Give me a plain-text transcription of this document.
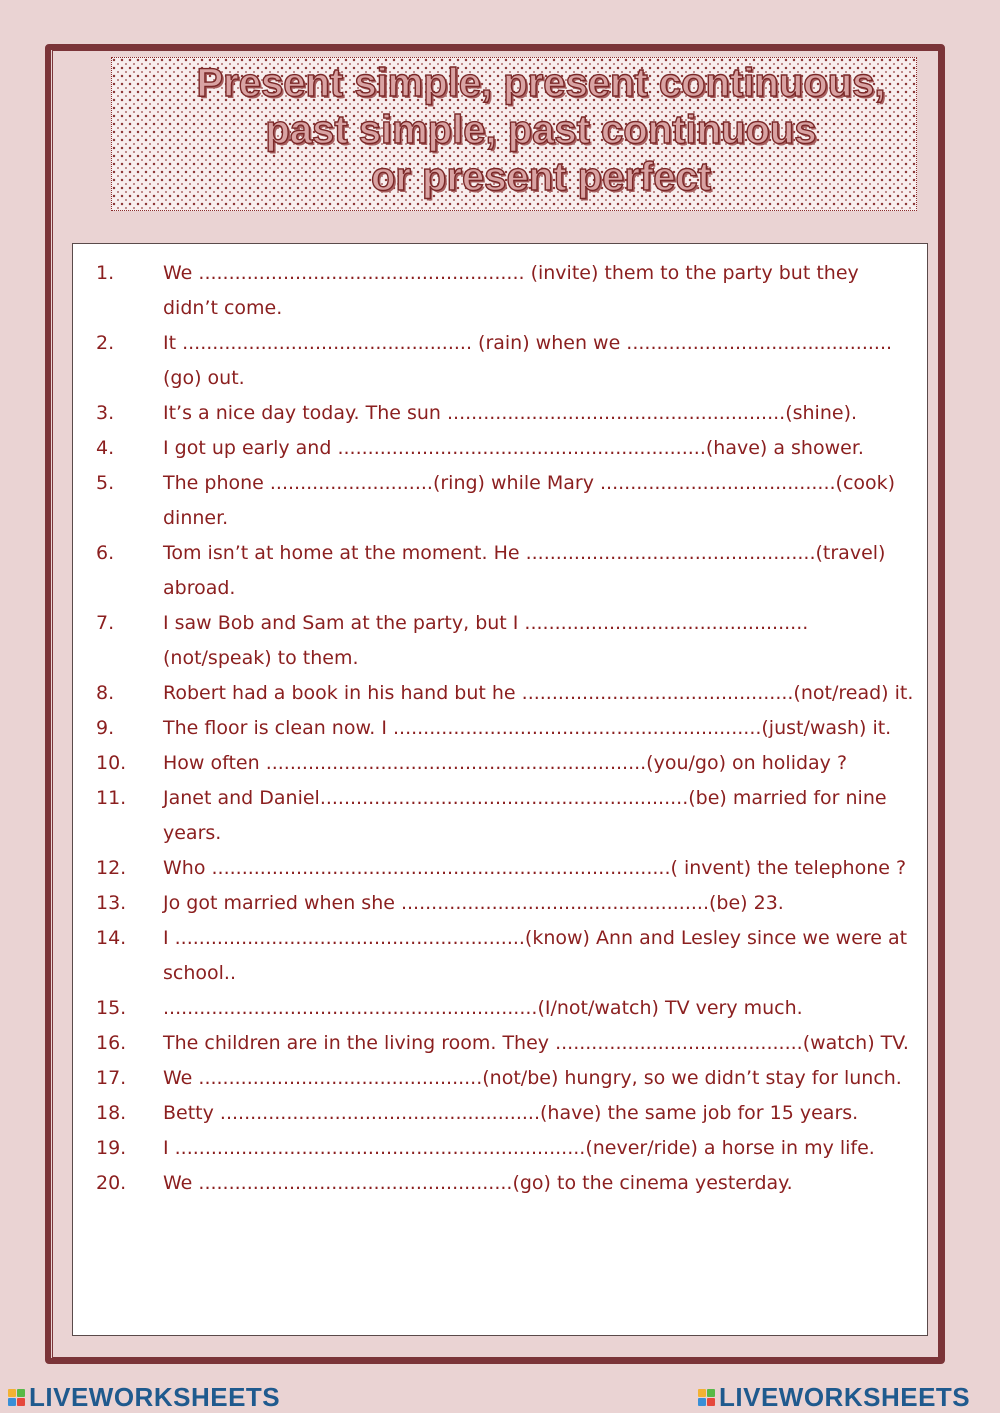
Present simple, present continuous,
past simple, past continuous
or present perfect
1.	We ...................................................... (invite) them to the party but they didn’t come.
2.	It ................................................ (rain) when we ............................................(go) out.
3.	It’s a nice day today. The sun ........................................................(shine).
4.	I got up early and .............................................................(have) a shower.
5.	The phone ...........................(ring) while Mary .......................................(cook) dinner.
6.	Tom isn’t at home at the moment. He ................................................(travel) abroad.
7.	I saw Bob and Sam at the party, but I ...............................................(not/speak) to them.
8.	Robert had a book in his hand but he .............................................(not/read) it.
9.	The floor is clean now. I .............................................................(just/wash) it.
10. How often ...............................................................(you/go) on holiday ?
11. Janet and Daniel.............................................................(be) married for nine years.
12. Who ............................................................................( invent) the telephone ?
13. Jo got married when she ...................................................(be) 23.
14. I ..........................................................(know) Ann and Lesley since we were at school..
15. ..............................................................(I/not/watch) TV very much.
16. The children are in the living room. They .........................................(watch) TV.
17. We ...............................................(not/be) hungry, so we didn’t stay for lunch.
18. Betty .....................................................(have) the same job for 15 years.
19. I ....................................................................(never/ride) a horse in my life.
20. We ....................................................(go) to the cinema yesterday.
LIVEWORKSHEETS	LIVEWORKSHEETS
